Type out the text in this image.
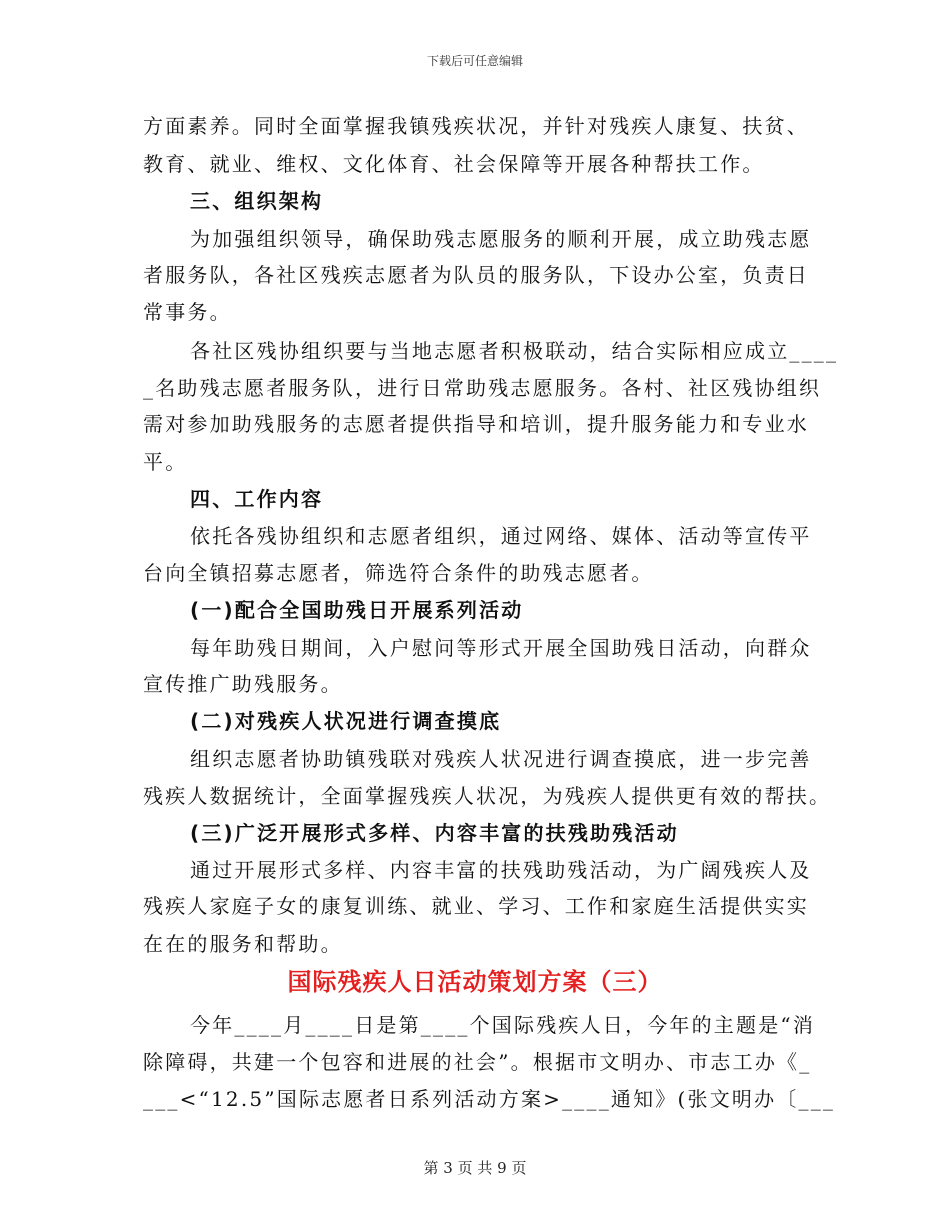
下载后可任意编辑
方面素养。同时全面掌握我镇残疾状况，并针对残疾人康复、扶贫、
教育、就业、维权、文化体育、社会保障等开展各种帮扶工作。
三、组织架构
为加强组织领导，确保助残志愿服务的顺利开展，成立助残志愿
者服务队，各社区残疾志愿者为队员的服务队，下设办公室，负责日
常事务。
各社区残协组织要与当地志愿者积极联动，结合实际相应成立____
_名助残志愿者服务队，进行日常助残志愿服务。各村、社区残协组织
需对参加助残服务的志愿者提供指导和培训，提升服务能力和专业水
平。
四、工作内容
依托各残协组织和志愿者组织，通过网络、媒体、活动等宣传平
台向全镇招募志愿者，筛选符合条件的助残志愿者。
(一)配合全国助残日开展系列活动
每年助残日期间，入户慰问等形式开展全国助残日活动，向群众
宣传推广助残服务。
(二)对残疾人状况进行调查摸底
组织志愿者协助镇残联对残疾人状况进行调查摸底，进一步完善
残疾人数据统计，全面掌握残疾人状况，为残疾人提供更有效的帮扶。
(三)广泛开展形式多样、内容丰富的扶残助残活动
通过开展形式多样、内容丰富的扶残助残活动，为广阔残疾人及
残疾人家庭子女的康复训练、就业、学习、工作和家庭生活提供实实
在在的服务和帮助。
国际残疾人日活动策划方案（三）
今年____月____日是第____个国际残疾人日，今年的主题是“消
除障碍，共建一个包容和进展的社会”。根据市文明办、市志工办《_
___<“12.5”国际志愿者日系列活动方案>____通知》(张文明办〔___
第 3 页 共 9 页
